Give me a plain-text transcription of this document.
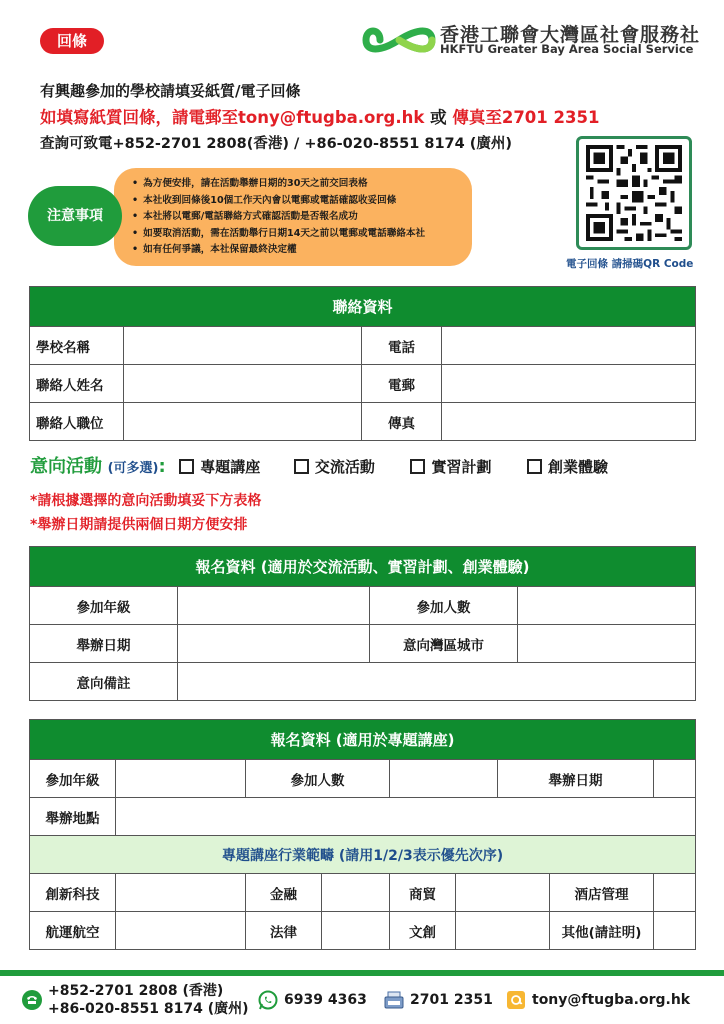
回條	香港工聯會大灣區社會服務社
HKFTU Greater Bay Area Social Service
有興趣參加的學校請填妥紙質/電子回條
如填寫紙質回條，請電郵至tony@ftugba.org.hk 或 傳真至2701 2351
查詢可致電+852-2701 2808(香港) / +86-020-8551 8174 (廣州)
電子回條 請掃碼QR Code
注意事項
• 為方便安排，請在活動舉辦日期的30天之前交回表格
• 本社收到回條後10個工作天內會以電郵或電話確認收妥回條
• 本社將以電郵/電話聯絡方式確認活動是否報名成功
• 如要取消活動，需在活動舉行日期14天之前以電郵或電話聯絡本社
• 如有任何爭議，本社保留最終決定權
聯絡資料			
學校名稱		電話	
聯絡人姓名		電郵	
聯絡人職位		傳真	
意向活動 (可多選): 專題講座	交流活動	實習計劃	創業體驗
*請根據選擇的意向活動填妥下方表格
*舉辦日期請提供兩個日期方便安排
報名資料 (適用於交流活動、實習計劃、創業體驗)			
參加年級		參加人數	
舉辦日期		意向灣區城市	
意向備註			
報名資料 (適用於專題講座)								
參加年級		參加人數				舉辦日期		
舉辦地點								
專題講座行業範疇 (請用1/2/3表示優先次序)								
創新科技		金融		商貿			酒店管理	
航運航空		法律		文創			其他(請註明)	
+852-2701 2808 (香港)
+86-020-8551 8174 (廣州)
6939 4363	2701 2351	tony@ftugba.org.hk
